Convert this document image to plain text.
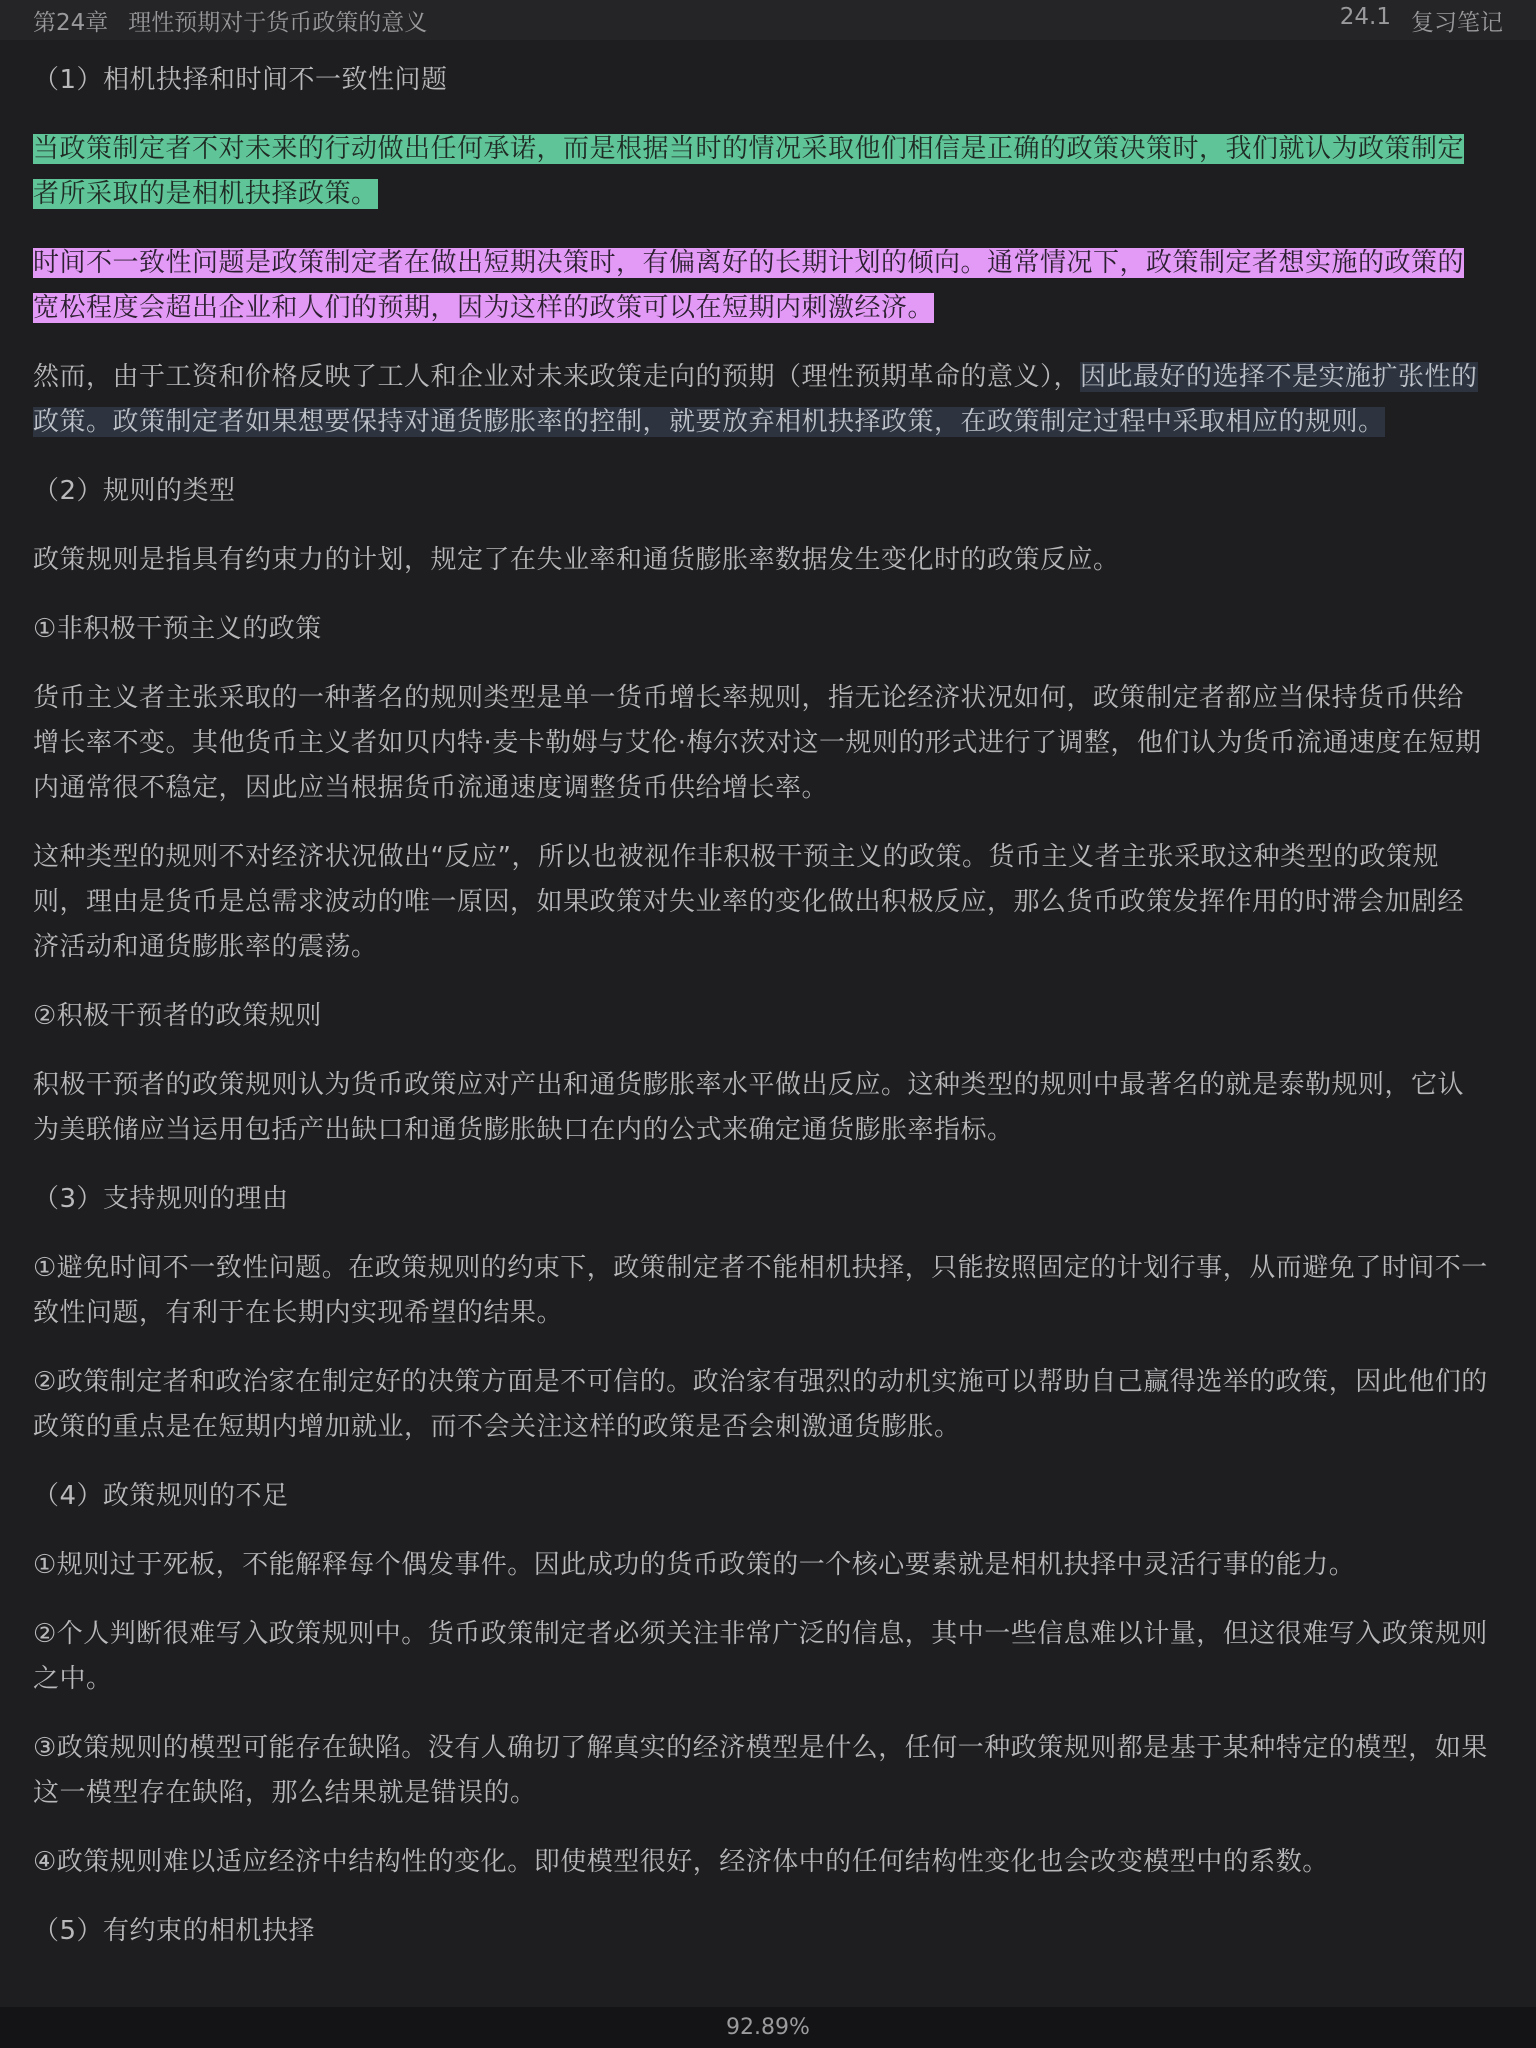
第24章 理性预期对于货币政策的意义	24.1 复习笔记

（1）相机抉择和时间不一致性问题

当政策制定者不对未来的行动做出任何承诺，而是根据当时的情况采取他们相信是正确的政策决策时，我们就认为政策制定者所采取的是相机抉择政策。

时间不一致性问题是政策制定者在做出短期决策时，有偏离好的长期计划的倾向。通常情况下，政策制定者想实施的政策的宽松程度会超出企业和人们的预期，因为这样的政策可以在短期内刺激经济。

然而，由于工资和价格反映了工人和企业对未来政策走向的预期（理性预期革命的意义），因此最好的选择不是实施扩张性的政策。政策制定者如果想要保持对通货膨胀率的控制，就要放弃相机抉择政策，在政策制定过程中采取相应的规则。

（2）规则的类型

政策规则是指具有约束力的计划，规定了在失业率和通货膨胀率数据发生变化时的政策反应。

①非积极干预主义的政策

货币主义者主张采取的一种著名的规则类型是单一货币增长率规则，指无论经济状况如何，政策制定者都应当保持货币供给增长率不变。其他货币主义者如贝内特·麦卡勒姆与艾伦·梅尔茨对这一规则的形式进行了调整，他们认为货币流通速度在短期内通常很不稳定，因此应当根据货币流通速度调整货币供给增长率。

这种类型的规则不对经济状况做出“反应”，所以也被视作非积极干预主义的政策。货币主义者主张采取这种类型的政策规则，理由是货币是总需求波动的唯一原因，如果政策对失业率的变化做出积极反应，那么货币政策发挥作用的时滞会加剧经济活动和通货膨胀率的震荡。

②积极干预者的政策规则

积极干预者的政策规则认为货币政策应对产出和通货膨胀率水平做出反应。这种类型的规则中最著名的就是泰勒规则，它认为美联储应当运用包括产出缺口和通货膨胀缺口在内的公式来确定通货膨胀率指标。

（3）支持规则的理由

①避免时间不一致性问题。在政策规则的约束下，政策制定者不能相机抉择，只能按照固定的计划行事，从而避免了时间不一致性问题，有利于在长期内实现希望的结果。

②政策制定者和政治家在制定好的决策方面是不可信的。政治家有强烈的动机实施可以帮助自己赢得选举的政策，因此他们的政策的重点是在短期内增加就业，而不会关注这样的政策是否会刺激通货膨胀。

（4）政策规则的不足

①规则过于死板，不能解释每个偶发事件。因此成功的货币政策的一个核心要素就是相机抉择中灵活行事的能力。

②个人判断很难写入政策规则中。货币政策制定者必须关注非常广泛的信息，其中一些信息难以计量，但这很难写入政策规则之中。

③政策规则的模型可能存在缺陷。没有人确切了解真实的经济模型是什么，任何一种政策规则都是基于某种特定的模型，如果这一模型存在缺陷，那么结果就是错误的。

④政策规则难以适应经济中结构性的变化。即使模型很好，经济体中的任何结构性变化也会改变模型中的系数。

（5）有约束的相机抉择

92.89%
